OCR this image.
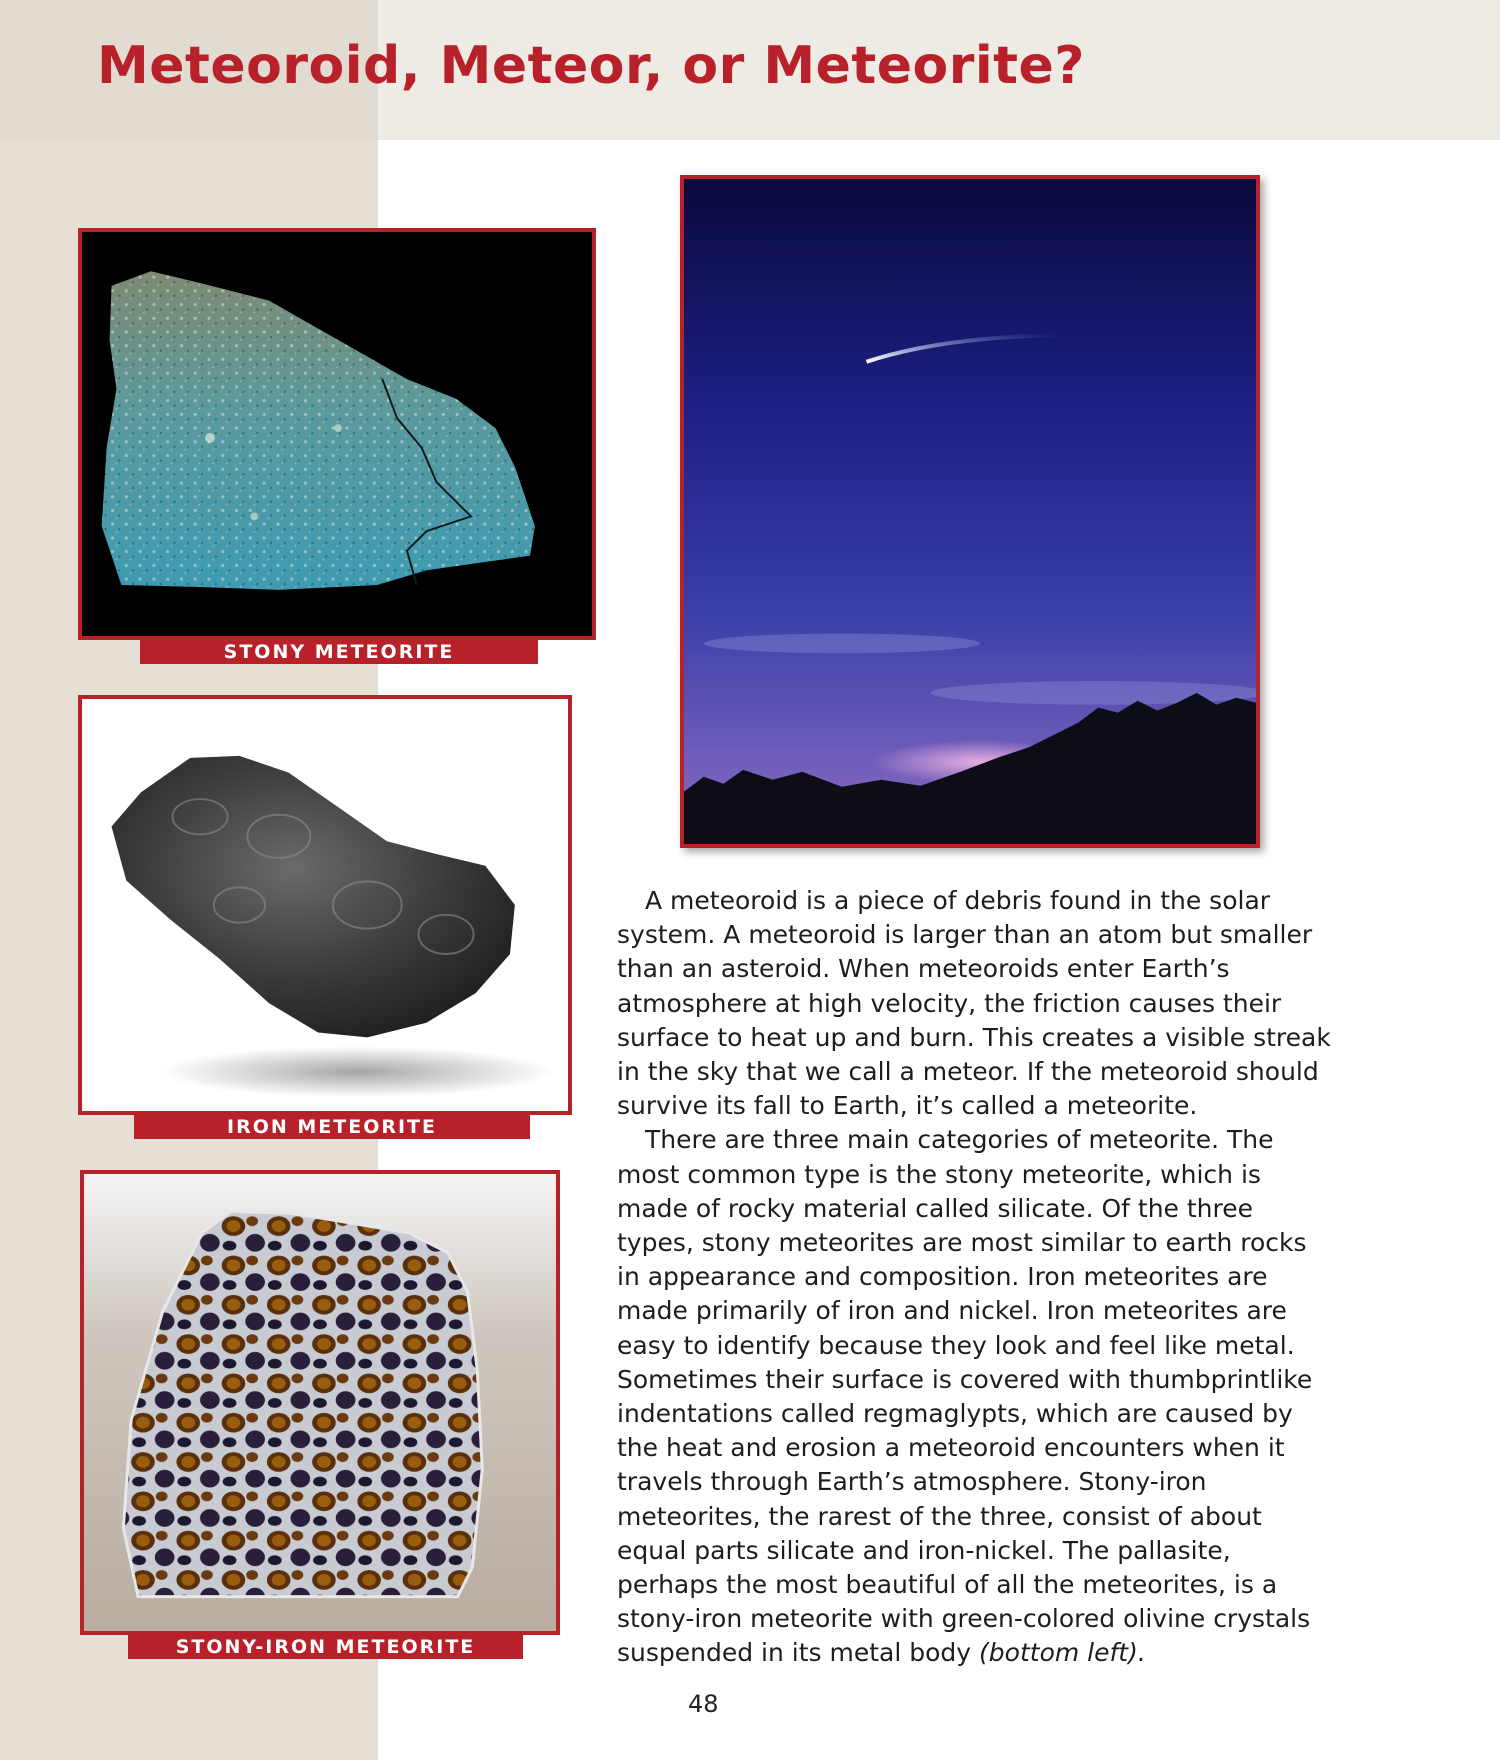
Meteoroid, Meteor, or Meteorite?
STONY METEORITE
IRON METEORITE
STONY-IRON METEORITE

A meteoroid is a piece of debris found in the solar system. A meteoroid is larger than an atom but smaller than an asteroid. When meteoroids enter Earth’s atmosphere at high velocity, the friction causes their surface to heat up and burn. This creates a visible streak in the sky that we call a meteor. If the meteoroid should survive its fall to Earth, it’s called a meteorite.

There are three main categories of meteorite. The most common type is the stony meteorite, which is made of rocky material called silicate. Of the three types, stony meteorites are most similar to earth rocks in appearance and composition. Iron meteorites are made primarily of iron and nickel. Iron meteorites are easy to identify because they look and feel like metal. Sometimes their surface is covered with thumbprintlike indentations called regmaglypts, which are caused by the heat and erosion a meteoroid encounters when it travels through Earth’s atmosphere. Stony-iron meteorites, the rarest of the three, consist of about equal parts silicate and iron-nickel. The pallasite, perhaps the most beautiful of all the meteorites, is a stony-iron meteorite with green-colored olivine crystals suspended in its metal body (bottom left).

48
